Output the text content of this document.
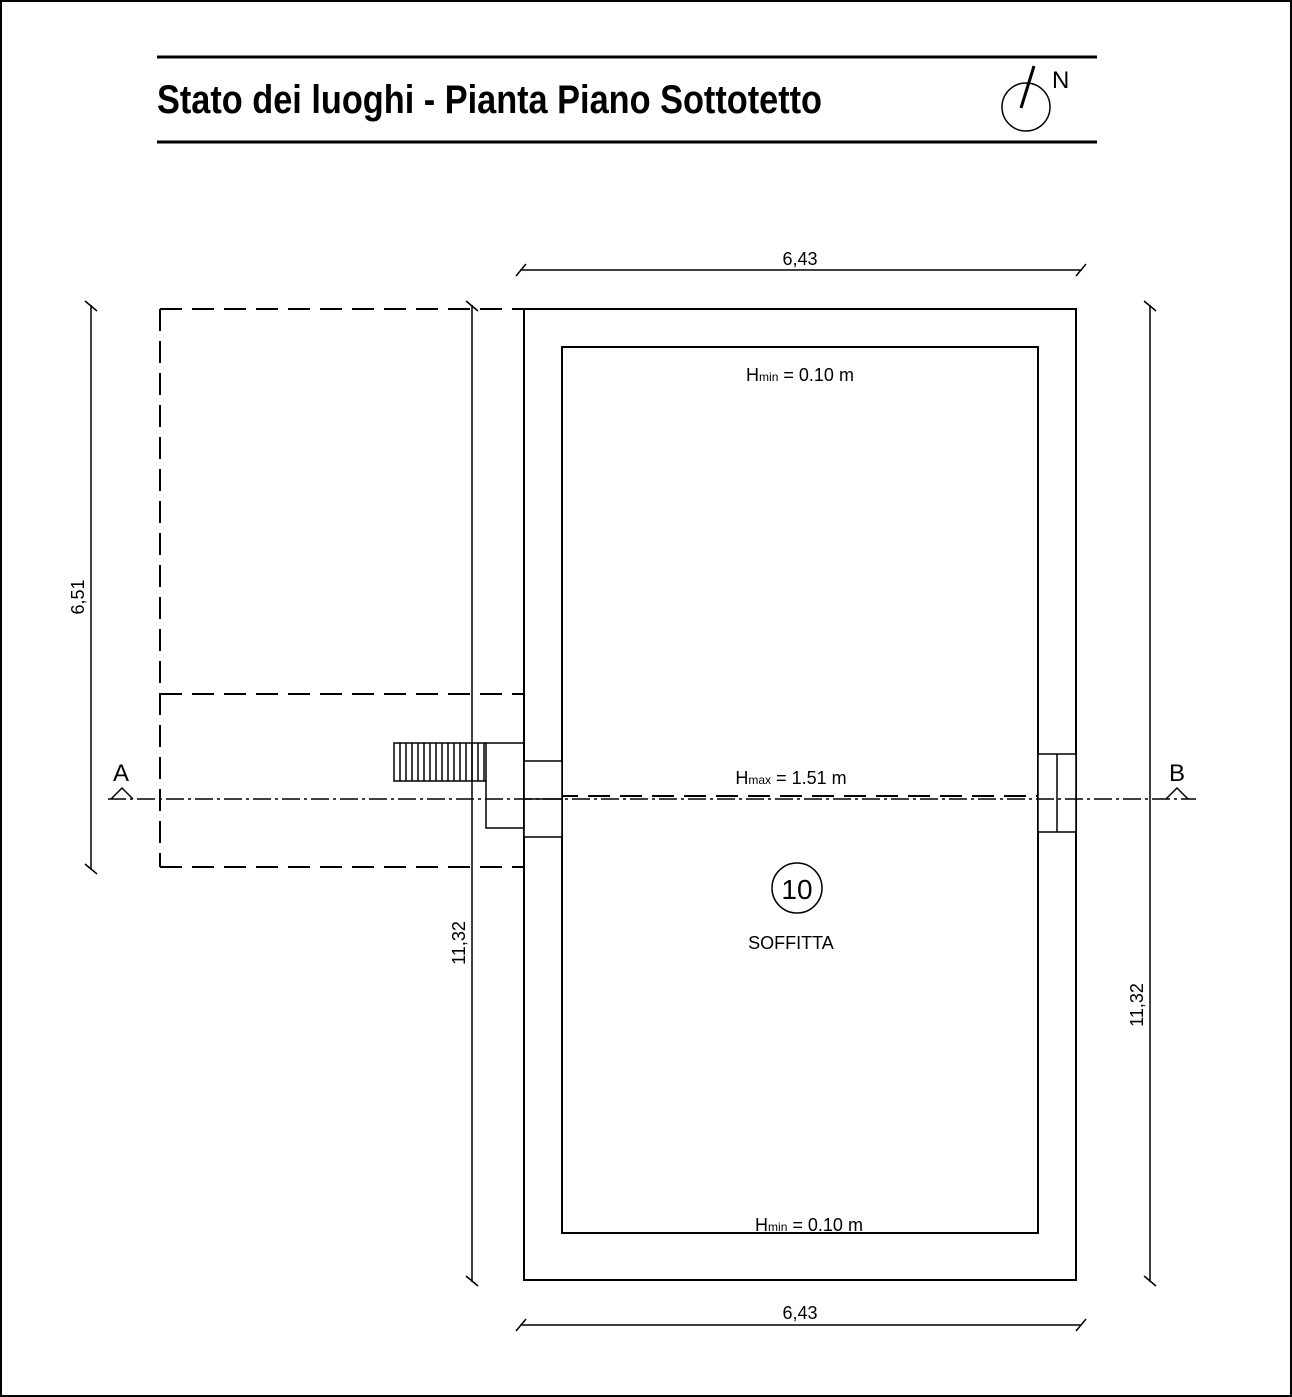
Stato dei luoghi - Pianta Piano Sottotetto	N
6,43
6,43
6,51
11,32
11,32
A	B
Hmin = 0.10 m
Hmax = 1.51 m
Hmin = 0.10 m
10
SOFFITTA
